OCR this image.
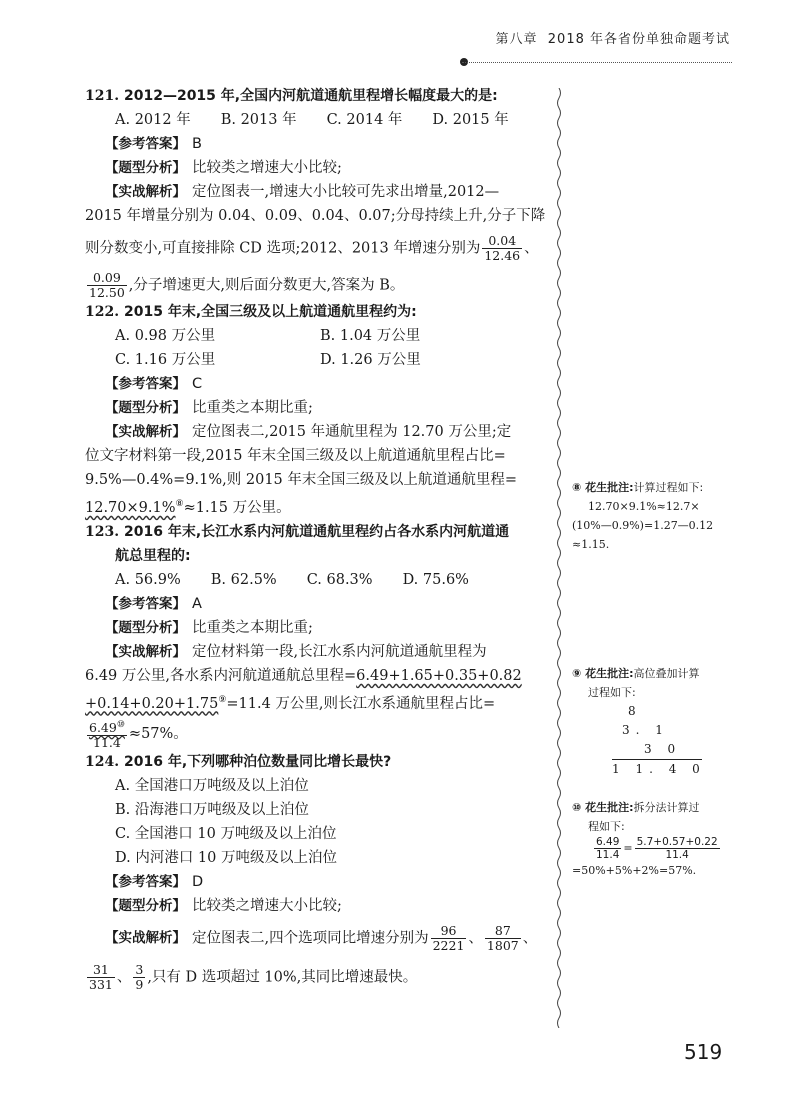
第八章 2018 年各省份单独命题考试
121. 2012—2015 年,全国内河航道通航里程增长幅度最大的是:
A. 2012 年 B. 2013 年 C. 2014 年 D. 2015 年
【参考答案】 B
【题型分析】 比较类之增速大小比较;
【实战解析】 定位图表一,增速大小比较可先求出增量,2012—
2015 年增量分别为 0.04、0.09、0.04、0.07;分母持续上升,分子下降
则分数变小,可直接排除 CD 选项;2012、2013 年增速分别为 $\frac{0.04}{12.46}$ 、
$\frac{0.09}{12.50}$ ,分子增速更大,则后面分数更大,答案为 B。
122. 2015 年末,全国三级及以上航道通航里程约为:
A. 0.98 万公里	B. 1.04 万公里
C. 1.16 万公里	D. 1.26 万公里
【参考答案】 C
【题型分析】 比重类之本期比重;
【实战解析】 定位图表二,2015 年通航里程为 12.70 万公里;定
位文字材料第一段,2015 年末全国三级及以上航道通航里程占比=
9.5%—0.4%=9.1%,则 2015 年末全国三级及以上航道通航里程=
12.70×9.1%⑧≈1.15 万公里。
123. 2016 年末,长江水系内河航道通航里程约占各水系内河航道通
航总里程的:
A. 56.9% B. 62.5% C. 68.3% D. 75.6%
【参考答案】 A
【题型分析】 比重类之本期比重;
【实战解析】 定位材料第一段,长江水系内河航道通航里程为
6.49 万公里,各水系内河航道通航总里程=6.49+1.65+0.35+0.82
+0.14+0.20+1.75⑨=11.4 万公里,则长江水系通航里程占比=
$\frac{6.49^⑩}{11.4} \approx 57\%$。
124. 2016 年,下列哪种泊位数量同比增长最快?
A. 全国港口万吨级及以上泊位
B. 沿海港口万吨级及以上泊位
C. 全国港口 10 万吨级及以上泊位
D. 内河港口 10 万吨级及以上泊位
【参考答案】 D
【题型分析】 比较类之增速大小比较;
【实战解析】 定位图表二,四个选项同比增速分别为 $\frac{96}{2221}$ 、 $\frac{87}{1807}$ 、
$\frac{31}{331}$ 、 $\frac{3}{9}$ ,只有 D 选项超过 10%,其同比增速最快。
⑧ 花生批注:计算过程如下:
12.70×9.1%≈12.7×
(10%—0.9%)=1.27—0.12
≈1.15.
⑨ 花生批注:高位叠加计算
过程如下:
8
3. 1
3 0
1 1. 4 0
⑩ 花生批注:拆分法计算过
程如下:
$\frac{6.49}{11.4} = \frac{5.7+0.57+0.22}{11.4}$
=50%+5%+2%=57%.
519
